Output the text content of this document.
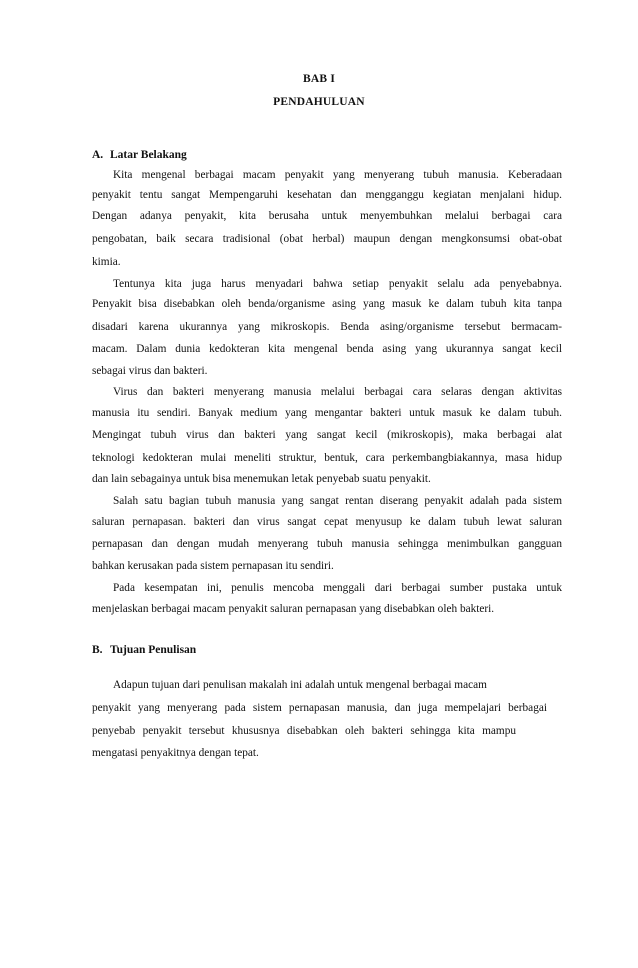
BAB I
PENDAHULUAN
A. Latar Belakang
Kita mengenal berbagai macam penyakit yang menyerang tubuh manusia. Keberadaan
penyakit tentu sangat Mempengaruhi kesehatan dan mengganggu kegiatan menjalani hidup.
Dengan adanya penyakit, kita berusaha untuk menyembuhkan melalui berbagai cara
pengobatan, baik secara tradisional (obat herbal) maupun dengan mengkonsumsi obat-obat
kimia.
Tentunya kita juga harus menyadari bahwa setiap penyakit selalu ada penyebabnya.
Penyakit bisa disebabkan oleh benda/organisme asing yang masuk ke dalam tubuh kita tanpa
disadari karena ukurannya yang mikroskopis. Benda asing/organisme tersebut bermacam-
macam. Dalam dunia kedokteran kita mengenal benda asing yang ukurannya sangat kecil
sebagai virus dan bakteri.
Virus dan bakteri menyerang manusia melalui berbagai cara selaras dengan aktivitas
manusia itu sendiri. Banyak medium yang mengantar bakteri untuk masuk ke dalam tubuh.
Mengingat tubuh virus dan bakteri yang sangat kecil (mikroskopis), maka berbagai alat
teknologi kedokteran mulai meneliti struktur, bentuk, cara perkembangbiakannya, masa hidup
dan lain sebagainya untuk bisa menemukan letak penyebab suatu penyakit.
Salah satu bagian tubuh manusia yang sangat rentan diserang penyakit adalah pada sistem
saluran pernapasan. bakteri dan virus sangat cepat menyusup ke dalam tubuh lewat saluran
pernapasan dan dengan mudah menyerang tubuh manusia sehingga menimbulkan gangguan
bahkan kerusakan pada sistem pernapasan itu sendiri.
Pada kesempatan ini, penulis mencoba menggali dari berbagai sumber pustaka untuk
menjelaskan berbagai macam penyakit saluran pernapasan yang disebabkan oleh bakteri.
B. Tujuan Penulisan
Adapun tujuan dari penulisan makalah ini adalah untuk mengenal berbagai macam
penyakit yang menyerang pada sistem pernapasan manusia, dan juga mempelajari berbagai
penyebab penyakit tersebut khususnya disebabkan oleh bakteri sehingga kita mampu
mengatasi penyakitnya dengan tepat.
